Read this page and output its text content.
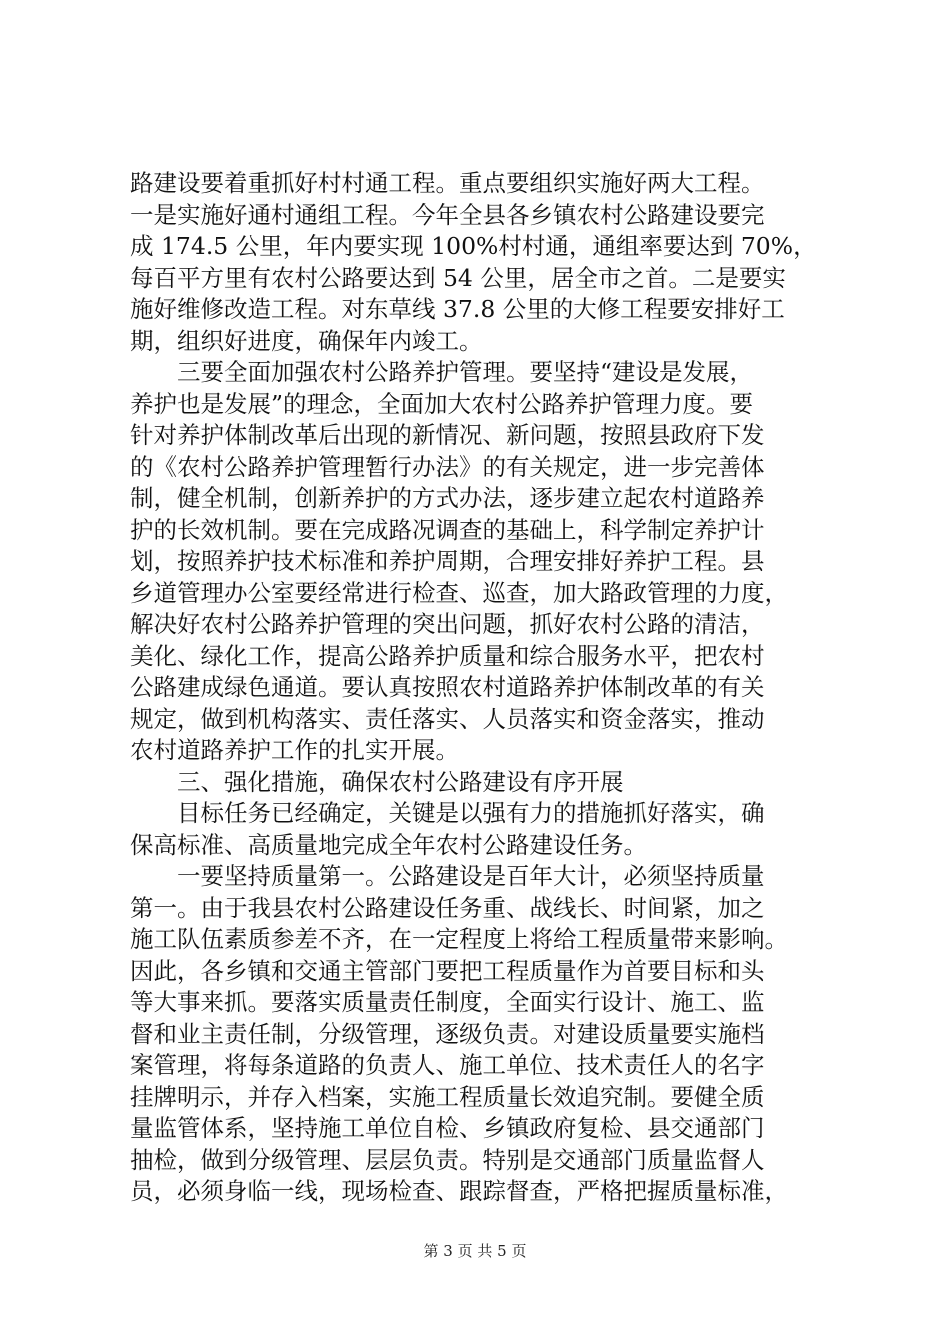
路建设要着重抓好村村通工程。重点要组织实施好两大工程。
一是实施好通村通组工程。今年全县各乡镇农村公路建设要完
成 174.5 公里，年内要实现 100%村村通，通组率要达到 70%，
每百平方里有农村公路要达到 54 公里，居全市之首。二是要实
施好维修改造工程。对东草线 37.8 公里的大修工程要安排好工
期，组织好进度，确保年内竣工。
　　三要全面加强农村公路养护管理。要坚持“建设是发展，
养护也是发展”的理念，全面加大农村公路养护管理力度。要
针对养护体制改革后出现的新情况、新问题，按照县政府下发
的《农村公路养护管理暂行办法》的有关规定，进一步完善体
制，健全机制，创新养护的方式办法，逐步建立起农村道路养
护的长效机制。要在完成路况调查的基础上，科学制定养护计
划，按照养护技术标准和养护周期，合理安排好养护工程。县
乡道管理办公室要经常进行检查、巡查，加大路政管理的力度，
解决好农村公路养护管理的突出问题，抓好农村公路的清洁，
美化、绿化工作，提高公路养护质量和综合服务水平，把农村
公路建成绿色通道。要认真按照农村道路养护体制改革的有关
规定，做到机构落实、责任落实、人员落实和资金落实，推动
农村道路养护工作的扎实开展。
　　三、强化措施，确保农村公路建设有序开展
　　目标任务已经确定，关键是以强有力的措施抓好落实，确
保高标准、高质量地完成全年农村公路建设任务。
　　一要坚持质量第一。公路建设是百年大计，必须坚持质量
第一。由于我县农村公路建设任务重、战线长、时间紧，加之
施工队伍素质参差不齐，在一定程度上将给工程质量带来影响。
因此，各乡镇和交通主管部门要把工程质量作为首要目标和头
等大事来抓。要落实质量责任制度，全面实行设计、施工、监
督和业主责任制，分级管理，逐级负责。对建设质量要实施档
案管理，将每条道路的负责人、施工单位、技术责任人的名字
挂牌明示，并存入档案，实施工程质量长效追究制。要健全质
量监管体系，坚持施工单位自检、乡镇政府复检、县交通部门
抽检，做到分级管理、层层负责。特别是交通部门质量监督人
员，必须身临一线，现场检查、跟踪督查，严格把握质量标准，
第 3 页 共 5 页
